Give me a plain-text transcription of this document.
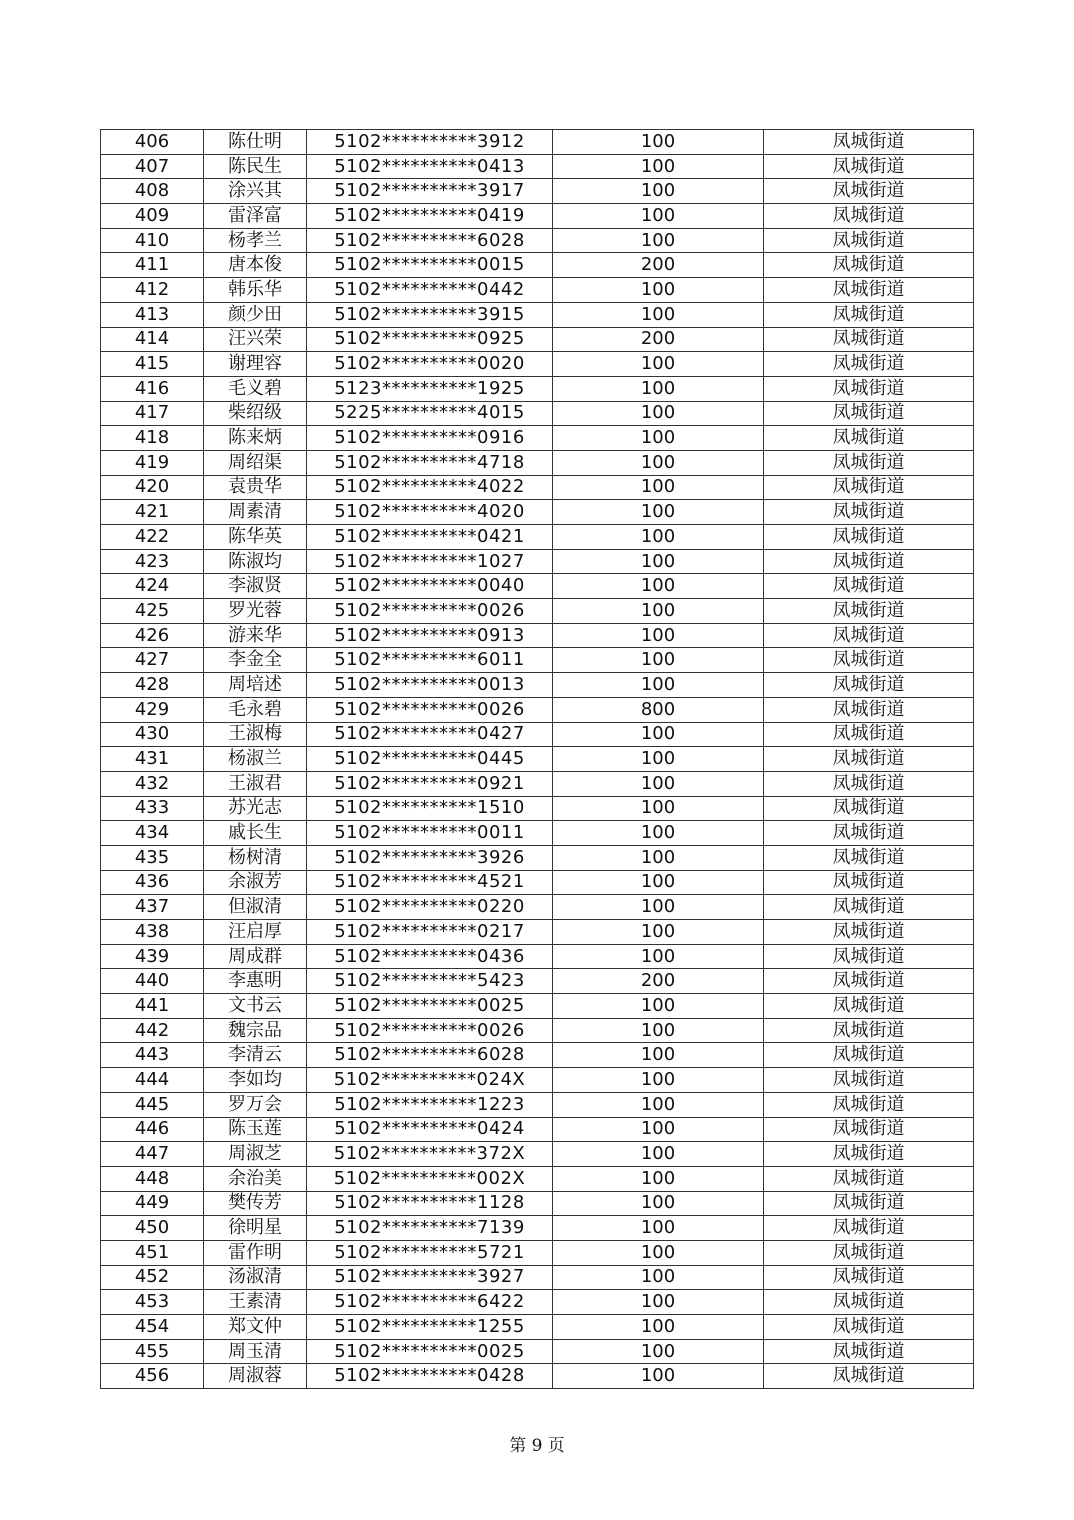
406	陈仕明	5102**********3912	100	凤城街道
407	陈民生	5102**********0413	100	凤城街道
408	涂兴其	5102**********3917	100	凤城街道
409	雷泽富	5102**********0419	100	凤城街道
410	杨孝兰	5102**********6028	100	凤城街道
411	唐本俊	5102**********0015	200	凤城街道
412	韩乐华	5102**********0442	100	凤城街道
413	颜少田	5102**********3915	100	凤城街道
414	汪兴荣	5102**********0925	200	凤城街道
415	谢理容	5102**********0020	100	凤城街道
416	毛义碧	5123**********1925	100	凤城街道
417	柴绍级	5225**********4015	100	凤城街道
418	陈来炳	5102**********0916	100	凤城街道
419	周绍渠	5102**********4718	100	凤城街道
420	袁贵华	5102**********4022	100	凤城街道
421	周素清	5102**********4020	100	凤城街道
422	陈华英	5102**********0421	100	凤城街道
423	陈淑均	5102**********1027	100	凤城街道
424	李淑贤	5102**********0040	100	凤城街道
425	罗光蓉	5102**********0026	100	凤城街道
426	游来华	5102**********0913	100	凤城街道
427	李金全	5102**********6011	100	凤城街道
428	周培述	5102**********0013	100	凤城街道
429	毛永碧	5102**********0026	800	凤城街道
430	王淑梅	5102**********0427	100	凤城街道
431	杨淑兰	5102**********0445	100	凤城街道
432	王淑君	5102**********0921	100	凤城街道
433	苏光志	5102**********1510	100	凤城街道
434	戚长生	5102**********0011	100	凤城街道
435	杨树清	5102**********3926	100	凤城街道
436	余淑芳	5102**********4521	100	凤城街道
437	但淑清	5102**********0220	100	凤城街道
438	汪启厚	5102**********0217	100	凤城街道
439	周成群	5102**********0436	100	凤城街道
440	李惠明	5102**********5423	200	凤城街道
441	文书云	5102**********0025	100	凤城街道
442	魏宗品	5102**********0026	100	凤城街道
443	李清云	5102**********6028	100	凤城街道
444	李如均	5102**********024X	100	凤城街道
445	罗万会	5102**********1223	100	凤城街道
446	陈玉莲	5102**********0424	100	凤城街道
447	周淑芝	5102**********372X	100	凤城街道
448	余治美	5102**********002X	100	凤城街道
449	樊传芳	5102**********1128	100	凤城街道
450	徐明星	5102**********7139	100	凤城街道
451	雷作明	5102**********5721	100	凤城街道
452	汤淑清	5102**********3927	100	凤城街道
453	王素清	5102**********6422	100	凤城街道
454	郑文仲	5102**********1255	100	凤城街道
455	周玉清	5102**********0025	100	凤城街道
456	周淑蓉	5102**********0428	100	凤城街道
第 9 页
